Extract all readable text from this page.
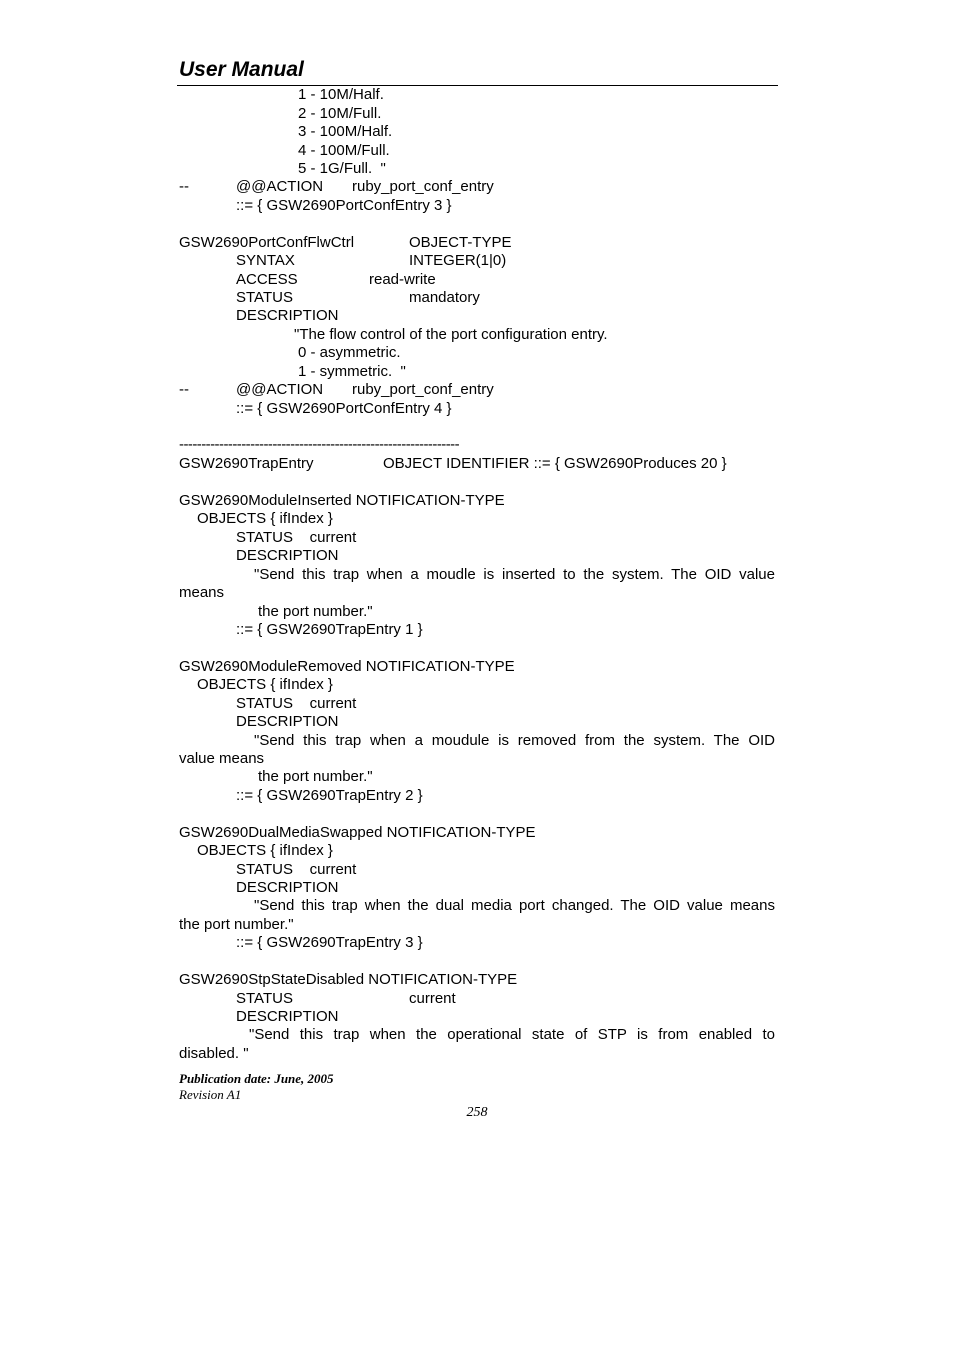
User Manual
1 - 10M/Half.
2 - 10M/Full.
3 - 100M/Half.
4 - 100M/Full.
5 - 1G/Full.  "
--	@@ACTION ruby_port_conf_entry
::= { GSW2690PortConfEntry 3 }
GSW2690PortConfFlwCtrl	OBJECT-TYPE
SYNTAX	INTEGER(1|0)
ACCESS	read-write
STATUS	mandatory
DESCRIPTION
"The flow control of the port configuration entry.
0 - asymmetric.
1 - symmetric.  "
--	@@ACTION ruby_port_conf_entry
::= { GSW2690PortConfEntry 4 }
---------------------------------------------------------------
GSW2690TrapEntry	OBJECT IDENTIFIER ::= { GSW2690Produces 20 }
GSW2690ModuleInserted NOTIFICATION-TYPE
OBJECTS { ifIndex }
STATUS    current
DESCRIPTION
"Send this trap when a moudle is inserted to the system. The OID value
means
the port number."
::= { GSW2690TrapEntry 1 }
GSW2690ModuleRemoved NOTIFICATION-TYPE
OBJECTS { ifIndex }
STATUS    current
DESCRIPTION
"Send this trap when a moudule is removed from the system. The OID
value means
the port number."
::= { GSW2690TrapEntry 2 }
GSW2690DualMediaSwapped NOTIFICATION-TYPE
OBJECTS { ifIndex }
STATUS    current
DESCRIPTION
"Send this trap when the dual media port changed. The OID value means
the port number."
::= { GSW2690TrapEntry 3 }
GSW2690StpStateDisabled NOTIFICATION-TYPE
STATUS	current
DESCRIPTION
"Send this trap when the operational state of STP is from enabled to
disabled. "
Publication date: June, 2005
Revision A1
258
